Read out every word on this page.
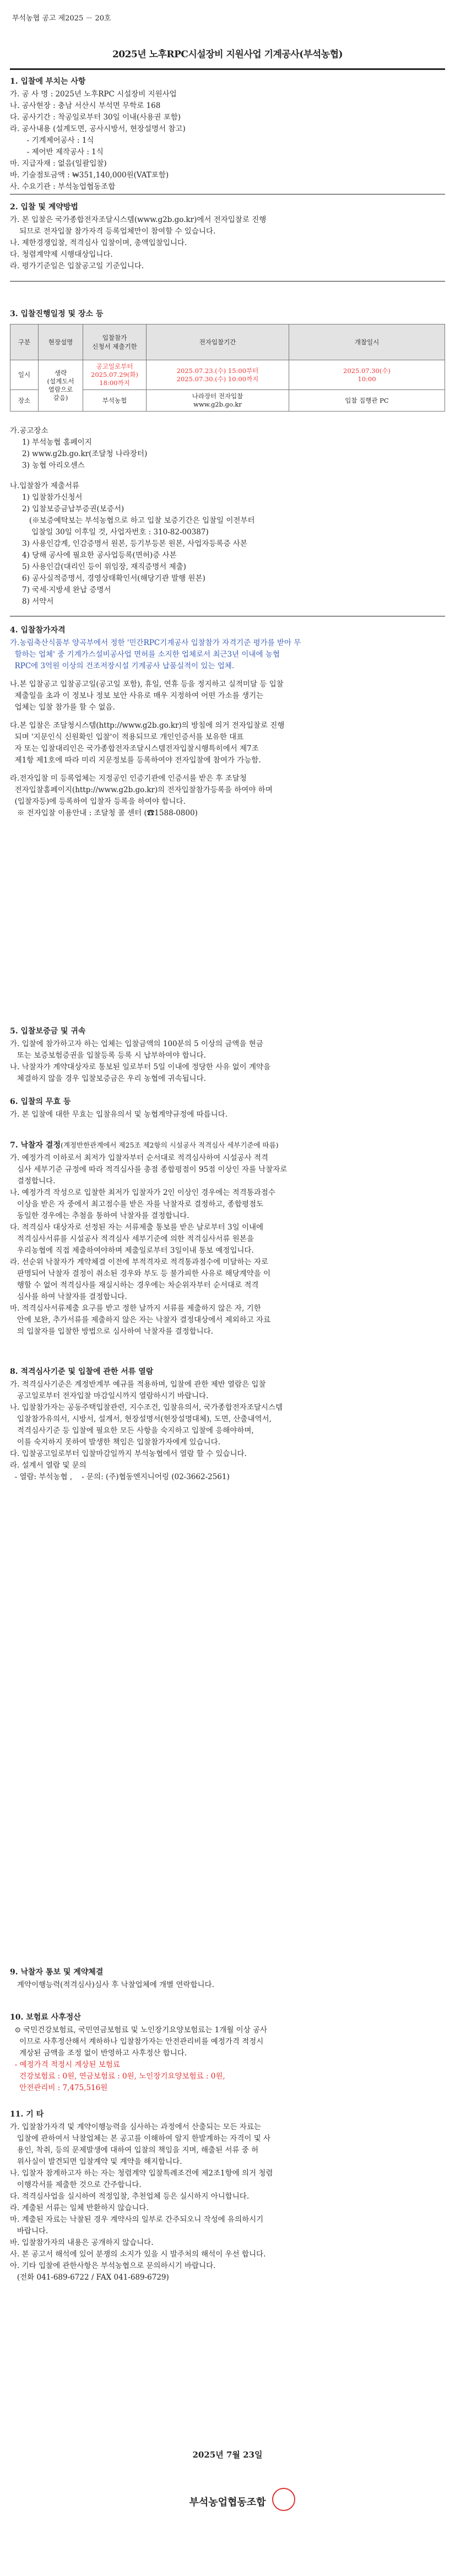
부석농협 공고 제2025 － 20호
2025년 노후RPC시설장비 지원사업 기계공사(부석농협)
1. 입찰에 부치는 사항
가. 공 사 명 : 2025년 노후RPC 시설장비 지원사업
나. 공사현장 : 충남 서산시 부석면 무학로 168
다. 공사기간 : 착공일로부터 30일 이내(사용권 포함)
라. 공사내용 (설계도면, 공사시방서, 현장설명서 참고)
- 기계제어공사 : 1식
- 제어반 제작공사 : 1식
마. 지급자재 : 없음(일괄입찰)
바. 기술점토금액 : ₩351,140,000원(VAT포함)
사. 수요기관 : 부석농업협동조합
2. 입찰 및 계약방법
가. 본 입찰은 국가종합전자조달시스템(www.g2b.go.kr)에서 전자입찰로 진행
되므로 전자입찰 참가자격 등록업체만이 참여할 수 있습니다.
나. 제한경쟁입찰, 적격심사 입찰이며, 총액입찰입니다.
다. 청렴계약제 시행대상입니다.
라. 평가기준일은 입찰공고일 기준입니다.
3. 입찰진행일정 및 장소 등
구분	현장설명	입찰참가
신청서 제출기한	전자입찰기간	개찰일시
일시	생략
(설계도서
열람으로
갈음)	공고일로부터
2025.07.29(화)
18:00까지	2025.07.23.(수) 15:00부터
2025.07.30.(수) 10:00까지	2025.07.30(수)
10:00
장소		부석농협	나라장터 전자입찰
www.g2b.go.kr	입찰 집행관 PC
가.공고장소
1) 부석농협 홈페이지
2) www.g2b.go.kr(조달청 나라장터)
3) 농협 아리오센스
나.입찰참가 제출서류
1) 입찰참가신청서
2) 입찰보증금납부증권(보증서)
(※보증예탁보는 부석농협으로 하고 입찰 보증기간은 입찰일 이전부터
입찰일 30일 이후일 것, 사업자번호 : 310-82-00387)
3) 사용인감계, 인감증명서 원본, 등기부등본 원본, 사업자등록증 사본
4) 당해 공사에 필요한 공사업등록(면허)증 사본
5) 사용인감(대리인 등이 위임장, 재직증명서 제출)
6) 공사실적증명서, 경영상태확인서(해당기관 발행 원본)
7) 국세·지방세 완납 증명서
8) 서약서
4. 입찰참가자격
가.농림축산식품부 양곡부에서 정한 '민간RPC기계공사 입찰참가 자격기준 평가를 받아 무
할하는 업체' 중 기계가스설비공사업 면허를 소지한 업체로서 최근3년 이내에 농협
RPC에 3억원 이상의 건조저장시설 기계공사 납품실적이 있는 업체.
나.본 입찰공고 입찰공고일(공고일 포함), 휴일, 연휴 등을 정지하고 실적미달 등 입찰
제출일을 초과 이 정보나 정보 보안 사유로 매우 지정하여 어떤 가소를 생기는
업체는 입찰 참가를 할 수 없음.
다.본 입찰은 조달청시스템(http://www.g2b.go.kr)의 방침에 의거 전자입찰로 진행
되며 '지문인식 신원확인 입찰'이 적용되므로 개인인증서를 보유한 대표
자 또는 입찰대리인은 국가종합전자조달시스템전자입찰시행특히에서 제7조
제1항 제1호에 따라 미리 지문정보를 등록하여야 전자입찰에 참여가 가능함.
라.전자입찰 미 등록업체는 지정공인 인증기관에 인증서를 받은 후 조달청
전자입찰홈페이지(http://www.g2b.go.kr)의 전자입찰참가등록을 하여야 하며
(입찰자등)에 등록하여 입찰자 등록을 하여야 합니다.
※ 전자입찰 이용안내 : 조달청 콜 센터 (☎1588-0800)
5. 입찰보증금 및 귀속
가. 입찰에 참가하고자 하는 업체는 입찰금액의 100분의 5 이상의 금액을 현금
또는 보증보험증권을 입찰등록 등록 시 납부하여야 합니다.
나. 낙찰자가 계약대상자로 통보된 일로부터 5일 이내에 정당한 사유 없이 계약을
체결하지 않을 경우 입찰보증금은 우리 농협에 귀속됩니다.
6. 입찰의 무효 등
가. 본 입찰에 대한 무효는 입찰유의서 및 농협계약규정에 따릅니다.
7. 낙찰자 결정(계정반한관계에서 제25조 제2항의 시설공사 적격심사 세부기준에 따름)
가. 예정가격 이하로서 최저가 입찰자부터 순서대로 적격심사하여 시설공사 적격
심사 세부기준 규정에 따라 적격심사를 총점 종합평점이 95점 이상인 자를 낙찰자로
결정합니다.
나. 예정가격 작성으로 입찰한 최저가 입찰자가 2인 이상인 경우에는 적격통과점수
이상을 받은 자 중에서 최고점수를 받은 자를 낙찰자로 결정하고, 종합평점도
동일한 경우에는 추첨을 통하여 낙찰자를 결정합니다.
다. 적격심사 대상자로 선정된 자는 서류제출 통보를 받은 날로부터 3일 이내에
적격심사서류를 시설공사 적격심사 세부기준에 의한 적격심사서류 원본을
우리농협에 직접 제출하여야하며 제출일로부터 3일이내 통보 예정입니다.
라. 선순위 낙찰자가 계약체결 이전에 부적격자로 적격통과점수에 미달하는 자로
판명되어 낙찰자 결정이 취소된 경우와 부도 등 불가피한 사유로 해당계약을 이
행할 수 없어 적격심사를 재실시하는 경우에는 차순위자부터 순서대로 적격
심사를 하여 낙찰자를 결정합니다.
마. 적격심사서류제출 요구를 받고 정한 날까지 서류를 제출하지 않은 자, 기한
안에 보완, 추가서류를 제출하지 않은 자는 낙찰자 결정대상에서 제외하고 자료
의 입찰자를 입찰한 방법으로 심사하여 낙찰자를 결정합니다.
8. 적격심사기준 및 입찰에 관한 서류 열람
가. 적격심사기준은 계정반계부 예규를 적용하며, 입찰에 관한 제반 열람은 입찰
공고일로부터 전자입찰 마감일시까지 열람하시기 바랍니다.
나. 입찰참가자는 공동주택입찰관련, 지수조건, 입찰유의서, 국가종합전자조달시스템
입찰참가유의서, 시방서, 설계서, 현장설명서(현장설명대체), 도면, 산출내역서,
적격심사기준 등 입찰에 필요한 모든 사항을 숙지하고 입찰에 응해야하며,
이를 숙지하지 못하여 발생한 책임은 입찰참가자에게 있습니다.
다. 입찰공고일로부터 입찰마감일까지 부석농협에서 열람 할 수 있습니다.
라. 설계서 열람 및 문의
- 열람: 부석농협 ,    - 문의: (주)협동엔지니어링 (02-3662-2561)
9. 낙찰자 통보 및 계약체결
계약이행능력(적격심사)심사 후 낙찰업체에 개별 연락합니다.
10. 보험료 사후정산
⊙ 국민건강보험료, 국민연금보험료 및 노인장기요양보험료는 1개월 이상 공사
이므로 사후정산해서 계하하나 입찰참가자는 안전관리비를 예정가격 적정시
계상된 금액을 조정 없이 반영하고 사후정산 합니다.
- 예정가격 적정시 계상된 보험료
건강보험료 : 0원, 연금보험료 : 0원, 노인장기요양보험료 : 0원,
안전관리비 : 7,475,516원
11. 기 타
가. 입찰참가자격 및 계약이행능력을 심사하는 과정에서 산출되는 모든 자료는
입찰에 관하여서 낙찰업체는 본 공고를 이해하여 알지 한발계하는 자격이 및 사
용인, 착취, 등의 문제발생에 대하여 입찰의 책임을 지며, 해출된 서류 중 허
위사실이 발견되면 입찰계약 및 계약을 해지합니다.
나. 입찰자 참계하고자 하는 자는 청렴계약 입찰특례조건에 제2조1항에 의거 청렴
이행각서를 제출한 것으로 간주합니다.
다. 적격심사업을 실시하여 적정입찰, 추천업체 등은 실시하지 아니합니다.
라. 계출된 서류는 일체 반환하지 않습니다.
마. 계출된 자료는 낙찰된 경우 계약사의 일부로 간주되오니 작성에 유의하시기
바랍니다.
바. 입찰참가자의 내용은 공개하지 않습니다.
사. 본 공고서 해석에 있어 분쟁의 소지가 있을 시 발주처의 해석이 우선 합니다.
아. 기타 입찰에 관한사항은 부석농협으로 문의하시기 바랍니다.
(전화 041-689-6722 / FAX 041-689-6729)
2025년 7월 23일
부석농업협동조합
